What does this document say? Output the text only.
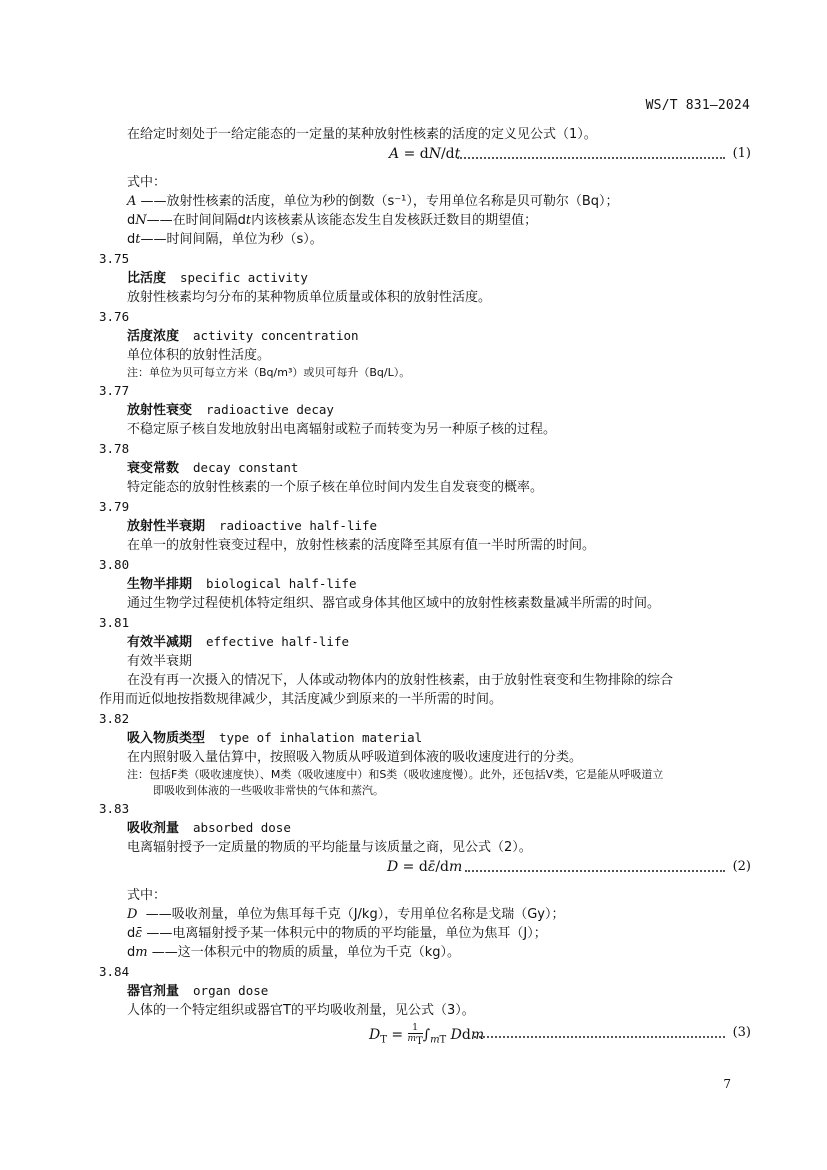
WS/T 831—2024
在给定时刻处于一给定能态的一定量的某种放射性核素的活度的定义见公式（1）。
A = dN/dt	(1)
式中：
A ——放射性核素的活度，单位为秒的倒数（s⁻¹），专用单位名称是贝可勒尔（Bq）；
dN——在时间间隔dt内该核素从该能态发生自发核跃迁数目的期望值；
dt——时间间隔，单位为秒（s）。
3.75
比活度 specific activity
放射性核素均匀分布的某种物质单位质量或体积的放射性活度。
3.76
活度浓度 activity concentration
单位体积的放射性活度。
注：单位为贝可每立方米（Bq/m³）或贝可每升（Bq/L）。
3.77
放射性衰变 radioactive decay
不稳定原子核自发地放射出电离辐射或粒子而转变为另一种原子核的过程。
3.78
衰变常数 decay constant
特定能态的放射性核素的一个原子核在单位时间内发生自发衰变的概率。
3.79
放射性半衰期 radioactive half-life
在单一的放射性衰变过程中，放射性核素的活度降至其原有值一半时所需的时间。
3.80
生物半排期 biological half-life
通过生物学过程使机体特定组织、器官或身体其他区域中的放射性核素数量减半所需的时间。
3.81
有效半减期 effective half-life
有效半衰期
在没有再一次摄入的情况下，人体或动物体内的放射性核素，由于放射性衰变和生物排除的综合
作用而近似地按指数规律减少，其活度减少到原来的一半所需的时间。
3.82
吸入物质类型 type of inhalation material
在内照射吸入量估算中，按照吸入物质从呼吸道到体液的吸收速度进行的分类。
注：包括F类（吸收速度快）、M类（吸收速度中）和S类（吸收速度慢）。此外，还包括V类，它是能从呼吸道立
即吸收到体液的一些吸收非常快的气体和蒸汽。
3.83
吸收剂量 absorbed dose
电离辐射授予一定质量的物质的平均能量与该质量之商，见公式（2）。
D = dε̄/dm	(2)
式中：
D ——吸收剂量，单位为焦耳每千克（J/kg），专用单位名称是戈瑞（Gy）；
dε̄ ——电离辐射授予某一体积元中的物质的平均能量，单位为焦耳（J）；
dm ——这一体积元中的物质的质量，单位为千克（kg）。
3.84
器官剂量 organ dose
人体的一个特定组织或器官T的平均吸收剂量，见公式（3）。
$D_T = \frac{1}{m_T} \int_{mT}$ Ddm	(3)
7
